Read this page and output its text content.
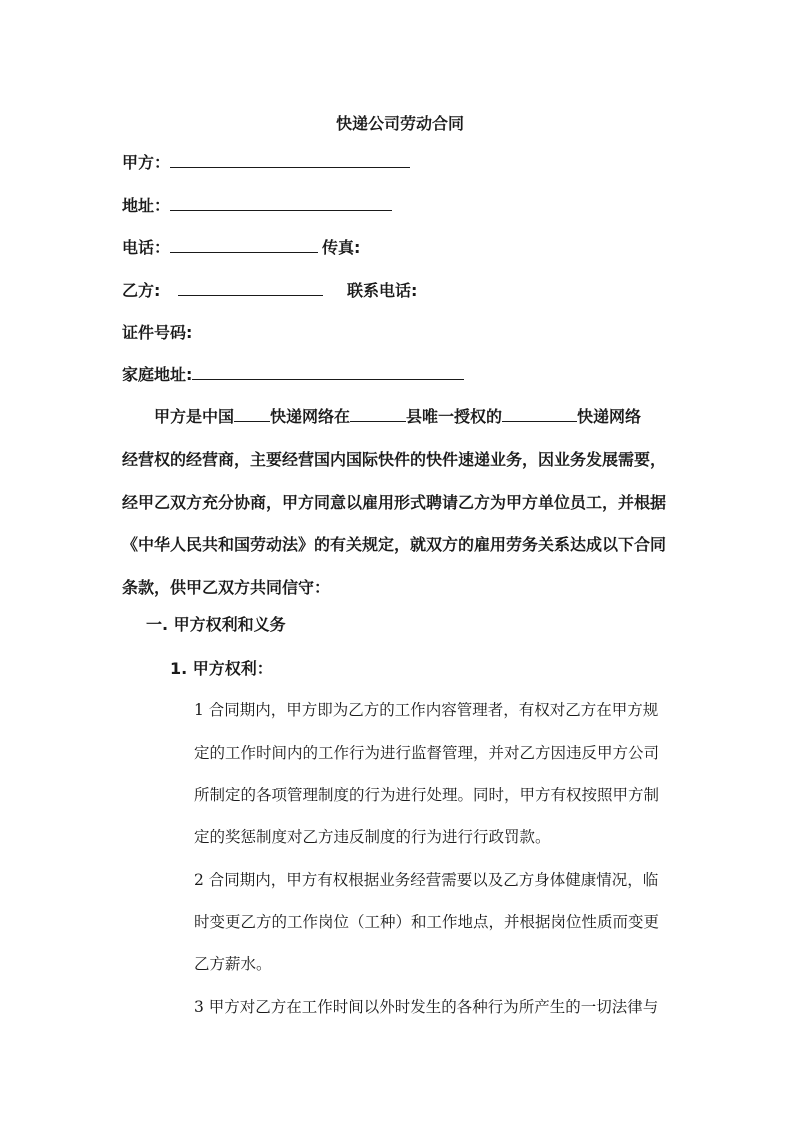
快递公司劳动合同
甲方：
地址：
电话：	传真:
乙方:	联系电话:
证件号码:
家庭地址:
甲方是中国 快递网络在	县唯一授权的	快递网络
经营权的经营商，主要经营国内国际快件的快件速递业务，因业务发展需要，
经甲乙双方充分协商，甲方同意以雇用形式聘请乙方为甲方单位员工，并根据
《中华人民共和国劳动法》的有关规定，就双方的雇用劳务关系达成以下合同
条款，供甲乙双方共同信守：
一. 甲方权利和义务
1. 甲方权利：
1 合同期内，甲方即为乙方的工作内容管理者，有权对乙方在甲方规
定的工作时间内的工作行为进行监督管理，并对乙方因违反甲方公司
所制定的各项管理制度的行为进行处理。同时，甲方有权按照甲方制
定的奖惩制度对乙方违反制度的行为进行行政罚款。
2 合同期内，甲方有权根据业务经营需要以及乙方身体健康情况，临
时变更乙方的工作岗位（工种）和工作地点，并根据岗位性质而变更
乙方薪水。
3 甲方对乙方在工作时间以外时发生的各种行为所产生的一切法律与
